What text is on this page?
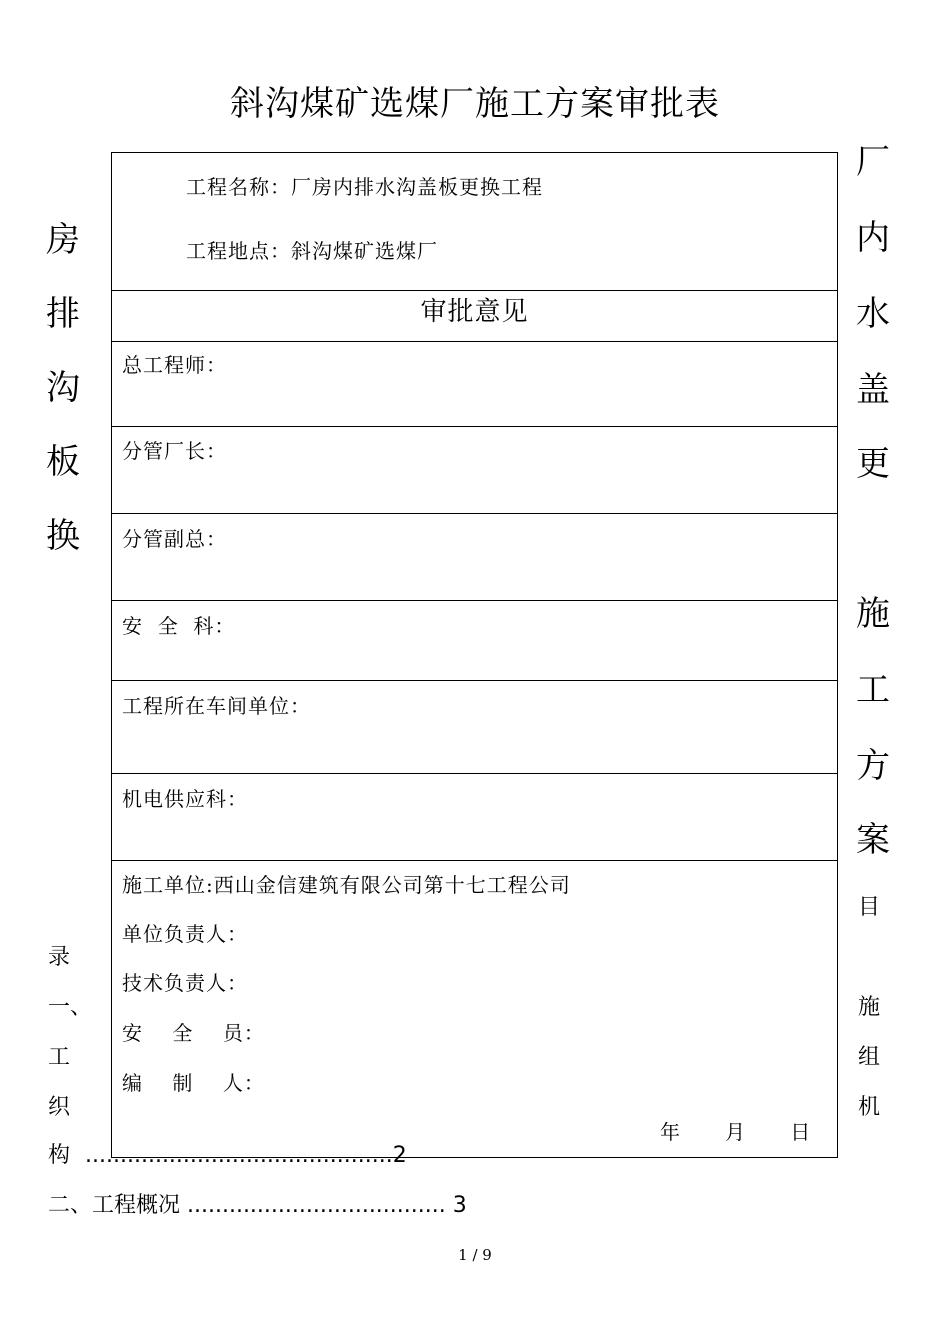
斜沟煤矿选煤厂施工方案审批表
房
排
沟
板
换
厂
内
水
盖
更
施
工
方
案
录
一、
工
织
目
施
组
机
构 ............................................2
二、工程概况 ..................................... 3
工程名称：厂房内排水沟盖板更换工程
工程地点：斜沟煤矿选煤厂
审批意见
总工程师：
分管厂长：
分管副总：
安  全  科：
工程所在车间单位：
机电供应科：
施工单位:西山金信建筑有限公司第十七工程公司
单位负责人：
技术负责人：
安    全    员：
编    制    人：
年      月      日
1 / 9
